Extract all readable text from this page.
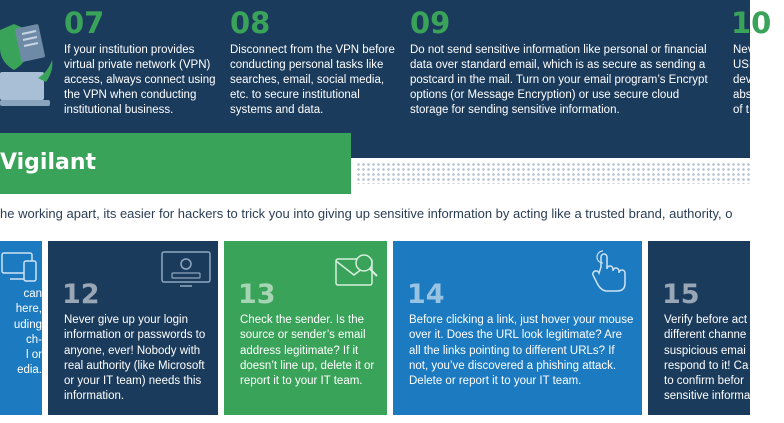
07
If your institution provides virtual private network (VPN) access, always connect using the VPN when conducting institutional business.
08
Disconnect from the VPN before conducting personal tasks like searches, email, social media, etc. to secure institutional systems and data.
09
Do not send sensitive information like personal or financial data over standard email, which is as secure as sending a postcard in the mail. Turn on your email program’s Encrypt options (or Message Encryption) or use secure cloud storage for sending sensitive information.
10
Nev
USB
dev
abs
of t
Vigilant
he working apart, its easier for hackers to trick you into giving up sensitive information by acting like a trusted brand, authority, o
can
here,
uding
ch-
l or
edia.
12
Never give up your login information or passwords to anyone, ever! Nobody with real authority (like Microsoft or your IT team) needs this information.
13
Check the sender. Is the source or sender’s email address legitimate? If it doesn’t line up, delete it or report it to your IT team.
14
Before clicking a link, just hover your mouse over it. Does the URL look legitimate? Are all the links pointing to different URLs? If not, you’ve discovered a phishing attack. Delete or report it to your IT team.
15
Verify before act
different channe
suspicious emai
respond to it! Ca
to confirm befor
sensitive informa
